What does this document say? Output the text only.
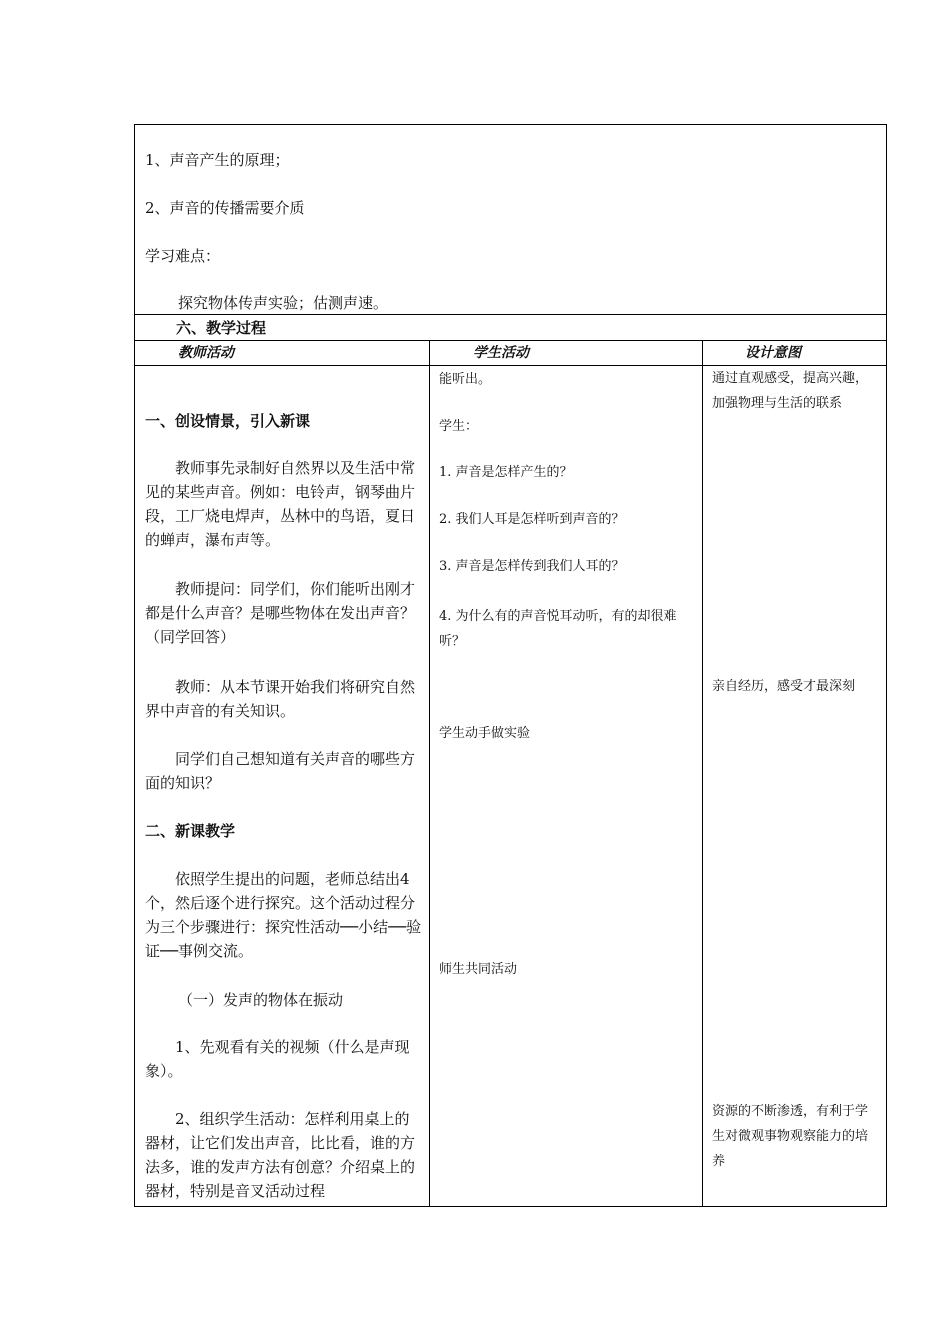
1、声音产生的原理；
2、声音的传播需要介质
学习难点：
探究物体传声实验；估测声速。
六、教学过程
教师活动	学生活动	设计意图
一、创设情景，引入新课
教师事先录制好自然界以及生活中常见的某些声音。例如：电铃声，钢琴曲片段，工厂烧电焊声，丛林中的鸟语，夏日的蝉声，瀑布声等。
教师提问：同学们，你们能听出刚才都是什么声音？是哪些物体在发出声音？（同学回答）
教师：从本节课开始我们将研究自然界中声音的有关知识。
同学们自己想知道有关声音的哪些方面的知识？
二、新课教学
依照学生提出的问题，老师总结出4个，然后逐个进行探究。这个活动过程分为三个步骤进行：探究性活动──小结──验证──事例交流。
（一）发声的物体在振动
1、先观看有关的视频（什么是声现象）。
2、组织学生活动：怎样利用桌上的器材，让它们发出声音，比比看，谁的方法多，谁的发声方法有创意？介绍桌上的器材，特别是音叉活动过程
能听出。
学生：
1. 声音是怎样产生的？
2. 我们人耳是怎样听到声音的？
3. 声音是怎样传到我们人耳的？
4. 为什么有的声音悦耳动听，有的却很难听？
学生动手做实验
师生共同活动
通过直观感受，提高兴趣，加强物理与生活的联系
亲自经历，感受才最深刻
资源的不断渗透，有利于学生对微观事物观察能力的培养
